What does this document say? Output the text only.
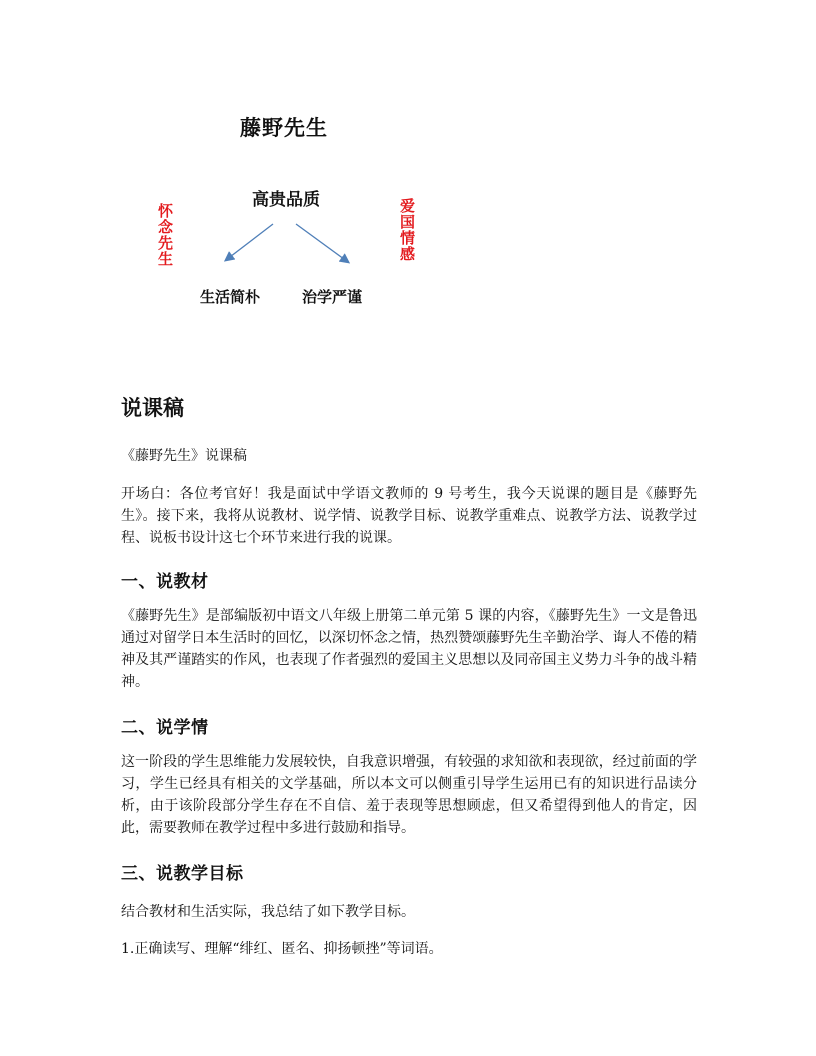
藤野先生
高贵品质
生活简朴	治学严谨
怀念先生	爱国情感
说课稿
《藤野先生》说课稿
开场白：各位考官好！我是面试中学语文教师的 9 号考生，我今天说课的题目是《藤野先生》。接下来，我将从说教材、说学情、说教学目标、说教学重难点、说教学方法、说教学过程、说板书设计这七个环节来进行我的说课。
一、说教材
《藤野先生》是部编版初中语文八年级上册第二单元第 5 课的内容，《藤野先生》一文是鲁迅通过对留学日本生活时的回忆，以深切怀念之情，热烈赞颂藤野先生辛勤治学、诲人不倦的精神及其严谨踏实的作风，也表现了作者强烈的爱国主义思想以及同帝国主义势力斗争的战斗精神。
二、说学情
这一阶段的学生思维能力发展较快，自我意识增强，有较强的求知欲和表现欲，经过前面的学习，学生已经具有相关的文学基础，所以本文可以侧重引导学生运用已有的知识进行品读分析，由于该阶段部分学生存在不自信、羞于表现等思想顾虑，但又希望得到他人的肯定，因此，需要教师在教学过程中多进行鼓励和指导。
三、说教学目标
结合教材和生活实际，我总结了如下教学目标。
1.正确读写、理解“绯红、匿名、抑扬顿挫”等词语。
